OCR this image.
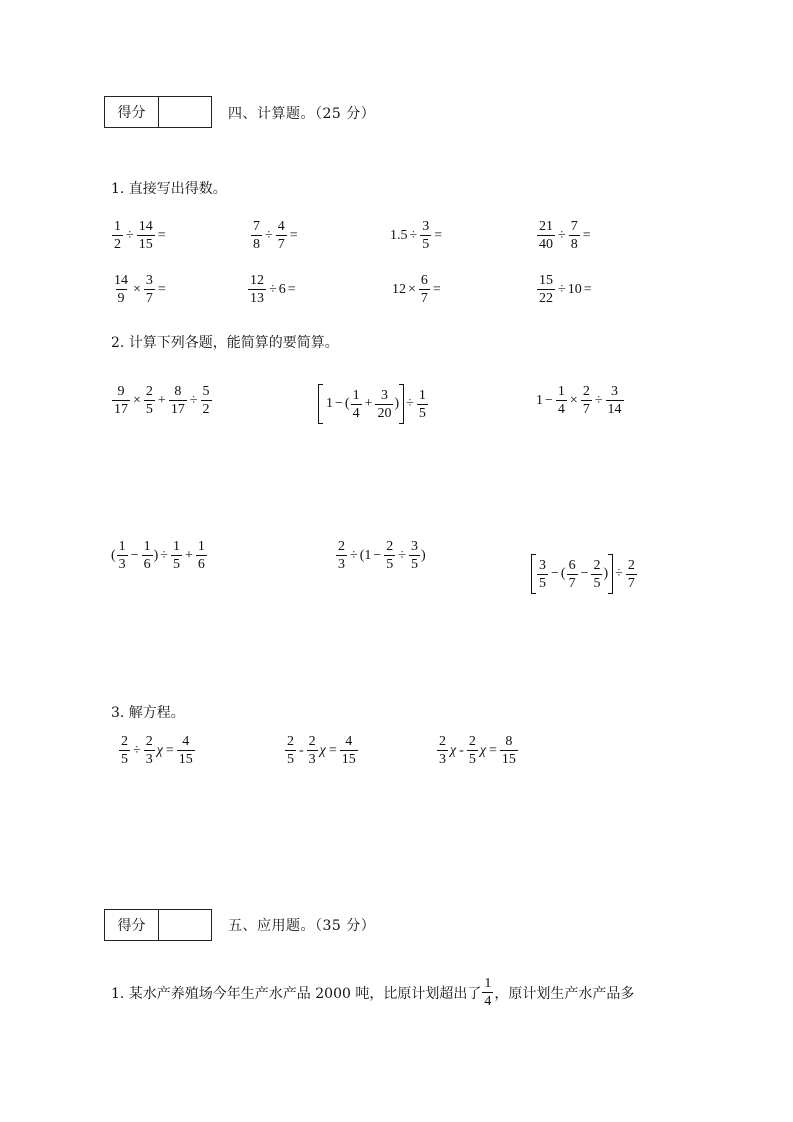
得分	四、计算题。（25 分）
1. 直接写出得数。
$\frac{1}{2} \div \frac{14}{15}$ =	$\frac{7}{8} \div \frac{4}{7}$ =	$1.5 \div \frac{3}{5}$ =	$\frac{21}{40} \div \frac{7}{8}$ =
$\frac{14}{9} \times \frac{3}{7}$ =	$\frac{12}{13} \div 6$ =	$12 \times \frac{6}{7}$ =	$\frac{15}{22} \div 10$ =
2. 计算下列各题，能简算的要简算。
$\frac{9}{17} \times \frac{2}{5} + \frac{8}{17} \div \frac{5}{2}$	1 − ( $\frac{1}{4} + \frac{3}{20}$ ) ÷ $\frac{1}{5}$	$1 - \frac{1}{4} \times \frac{2}{7} \div \frac{3}{14}$
( $\frac{1}{3} - \frac{1}{6}$ ) ÷ $\frac{1}{5} + \frac{1}{6}$	$\frac{2}{3}$ ÷ ( $1 - \frac{2}{5} \div \frac{3}{5}$ )
$\frac{3}{5}$ − ( $\frac{6}{7} - \frac{2}{5}$ ) ÷ $\frac{2}{7}$
3. 解方程。
$\frac{2}{5} \div \frac{2}{3}$ $\chi = \frac{4}{15}$	$\frac{2}{5} - \frac{2}{3}$ $\chi = \frac{4}{15}$	$\frac{2}{3}$ χ - $\frac{2}{5}$ $\chi = \frac{8}{15}$
得分	五、应用题。（35 分）
1. 某水产养殖场今年生产水产品 2000 吨，比原计划超出了 $\frac{1}{4}$ ，原计划生产水产品多
